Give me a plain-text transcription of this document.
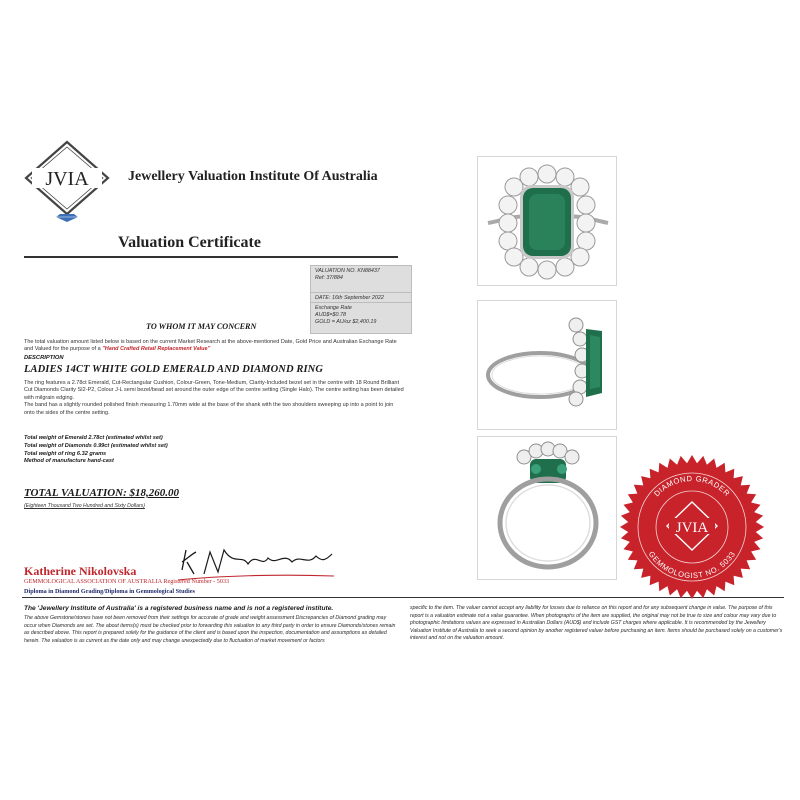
JVIA	Jewellery Valuation Institute Of Australia
Valuation Certificate
VALUATION NO. KN88437
Ref: 37/884
DATE: 16th September 2022
Exchange Rate
AUD$=$0.78
GOLD = AU/oz $2,400.19
TO WHOM IT MAY CONCERN
The total valuation amount listed below is based on the current Market Research at the above-mentioned Date, Gold Price and Australian Exchange Rate and Valued for the purpose of a "Hand Crafted Retail Replacement Value"
DESCRIPTION
LADIES 14CT WHITE GOLD EMERALD AND DIAMOND RING
The ring features a 2.78ct Emerald, Cut-Rectangular Cushion, Colour-Green, Tone-Medium, Clarity-Included bezel set in the centre with 18 Round Brilliant Cut Diamonds Clarity SI2-P2, Colour J-L semi bezel/bead set around the outer edge of the centre setting (Single Halo). The centre setting has been detailed with milgrain edging.
The band has a slightly rounded polished finish measuring 1.70mm wide at the base of the shank with the two shoulders sweeping up into a point to join onto the sides of the centre setting.
Total weight of Emerald 2.78ct (estimated whilst set)
Total weight of Diamonds 0.99ct (estimated whilst set)
Total weight of ring 6.32 grams
Method of manufacture hand-cast
TOTAL VALUATION: $18,260.00
(Eighteen Thousand Two Hundred and Sixty Dollars)
Katherine Nikolovska
GEMMOLOGICAL ASSOCIATION OF AUSTRALIA Registered Number - 5033
Diploma in Diamond Grading/Diploma in Gemmological Studies
The 'Jewellery Institute of Australia' is a registered business name and is not a registered institute.
The above Gemstone/stones have not been removed from their settings for accurate of grade and weight assessment Discrepancies of Diamond grading may occur when Diamonds are set. The about items(s) must be checked prior to forwarding this valuation to any third party in order to ensure Diamonds/stones remain as described above. This report is prepared solely for the guidance of the client and is based upon the inspection, documentation and assumptions as detailed herein. The valuation is as current as the date only and may change unexpectedly due to fluctuation of market movement or factors
specific to the item. The valuer cannot accept any liability for losses due to reliance on this report and for any subsequent change in value. The purpose of this report is a valuation estimate not a value guarantee. When photographs of the item are supplied, the original may not be true to size and colour may vary due to photographic limitations values are expressed in Australian Dollars (AUD$) and include GST charges where applicable. It is recommended by the Jewellery Valuation Institute of Australia to seek a second opinion by another registered valuer before purchasing an item. Items should be purchased solely on a customer's interest and not on the valuation amount.
DIAMOND GRADER
GEMMOLOGIST NO. 5033
JVIA
